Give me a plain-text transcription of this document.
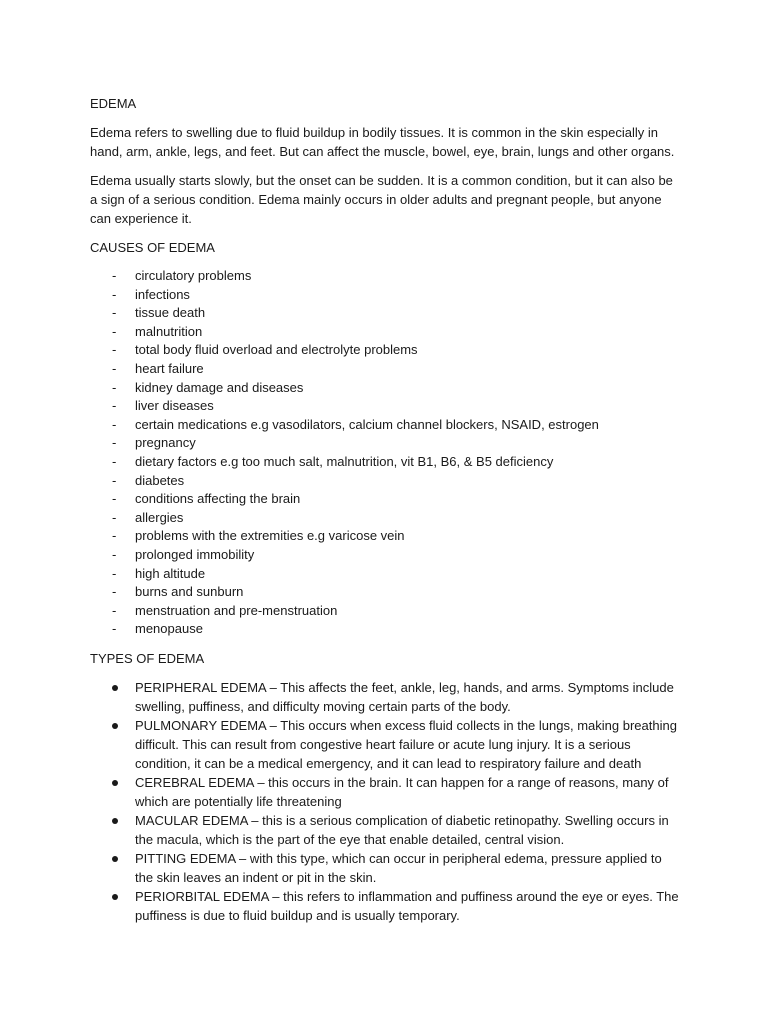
EDEMA

Edema refers to swelling due to fluid buildup in bodily tissues. It is common in the skin especially in hand, arm, ankle, legs, and feet. But can affect the muscle, bowel, eye, brain, lungs and other organs.

Edema usually starts slowly, but the onset can be sudden. It is a common condition, but it can also be a sign of a serious condition. Edema mainly occurs in older adults and pregnant people, but anyone can experience it.

CAUSES OF EDEMA

- circulatory problems
- infections
- tissue death
- malnutrition
- total body fluid overload and electrolyte problems
- heart failure
- kidney damage and diseases
- liver diseases
- certain medications e.g vasodilators, calcium channel blockers, NSAID, estrogen
- pregnancy
- dietary factors e.g too much salt, malnutrition, vit B1, B6, & B5 deficiency
- diabetes
- conditions affecting the brain
- allergies
- problems with the extremities e.g varicose vein
- prolonged immobility
- high altitude
- burns and sunburn
- menstruation and pre-menstruation
- menopause

TYPES OF EDEMA

PERIPHERAL EDEMA – This affects the feet, ankle, leg, hands, and arms. Symptoms include swelling, puffiness, and difficulty moving certain parts of the body.
PULMONARY EDEMA – This occurs when excess fluid collects in the lungs, making breathing difficult. This can result from congestive heart failure or acute lung injury. It is a serious condition, it can be a medical emergency, and it can lead to respiratory failure and death
CEREBRAL EDEMA – this occurs in the brain. It can happen for a range of reasons, many of which are potentially life threatening
MACULAR EDEMA – this is a serious complication of diabetic retinopathy. Swelling occurs in the macula, which is the part of the eye that enable detailed, central vision.
PITTING EDEMA – with this type, which can occur in peripheral edema, pressure applied to the skin leaves an indent or pit in the skin.
PERIORBITAL EDEMA – this refers to inflammation and puffiness around the eye or eyes. The puffiness is due to fluid buildup and is usually temporary.
